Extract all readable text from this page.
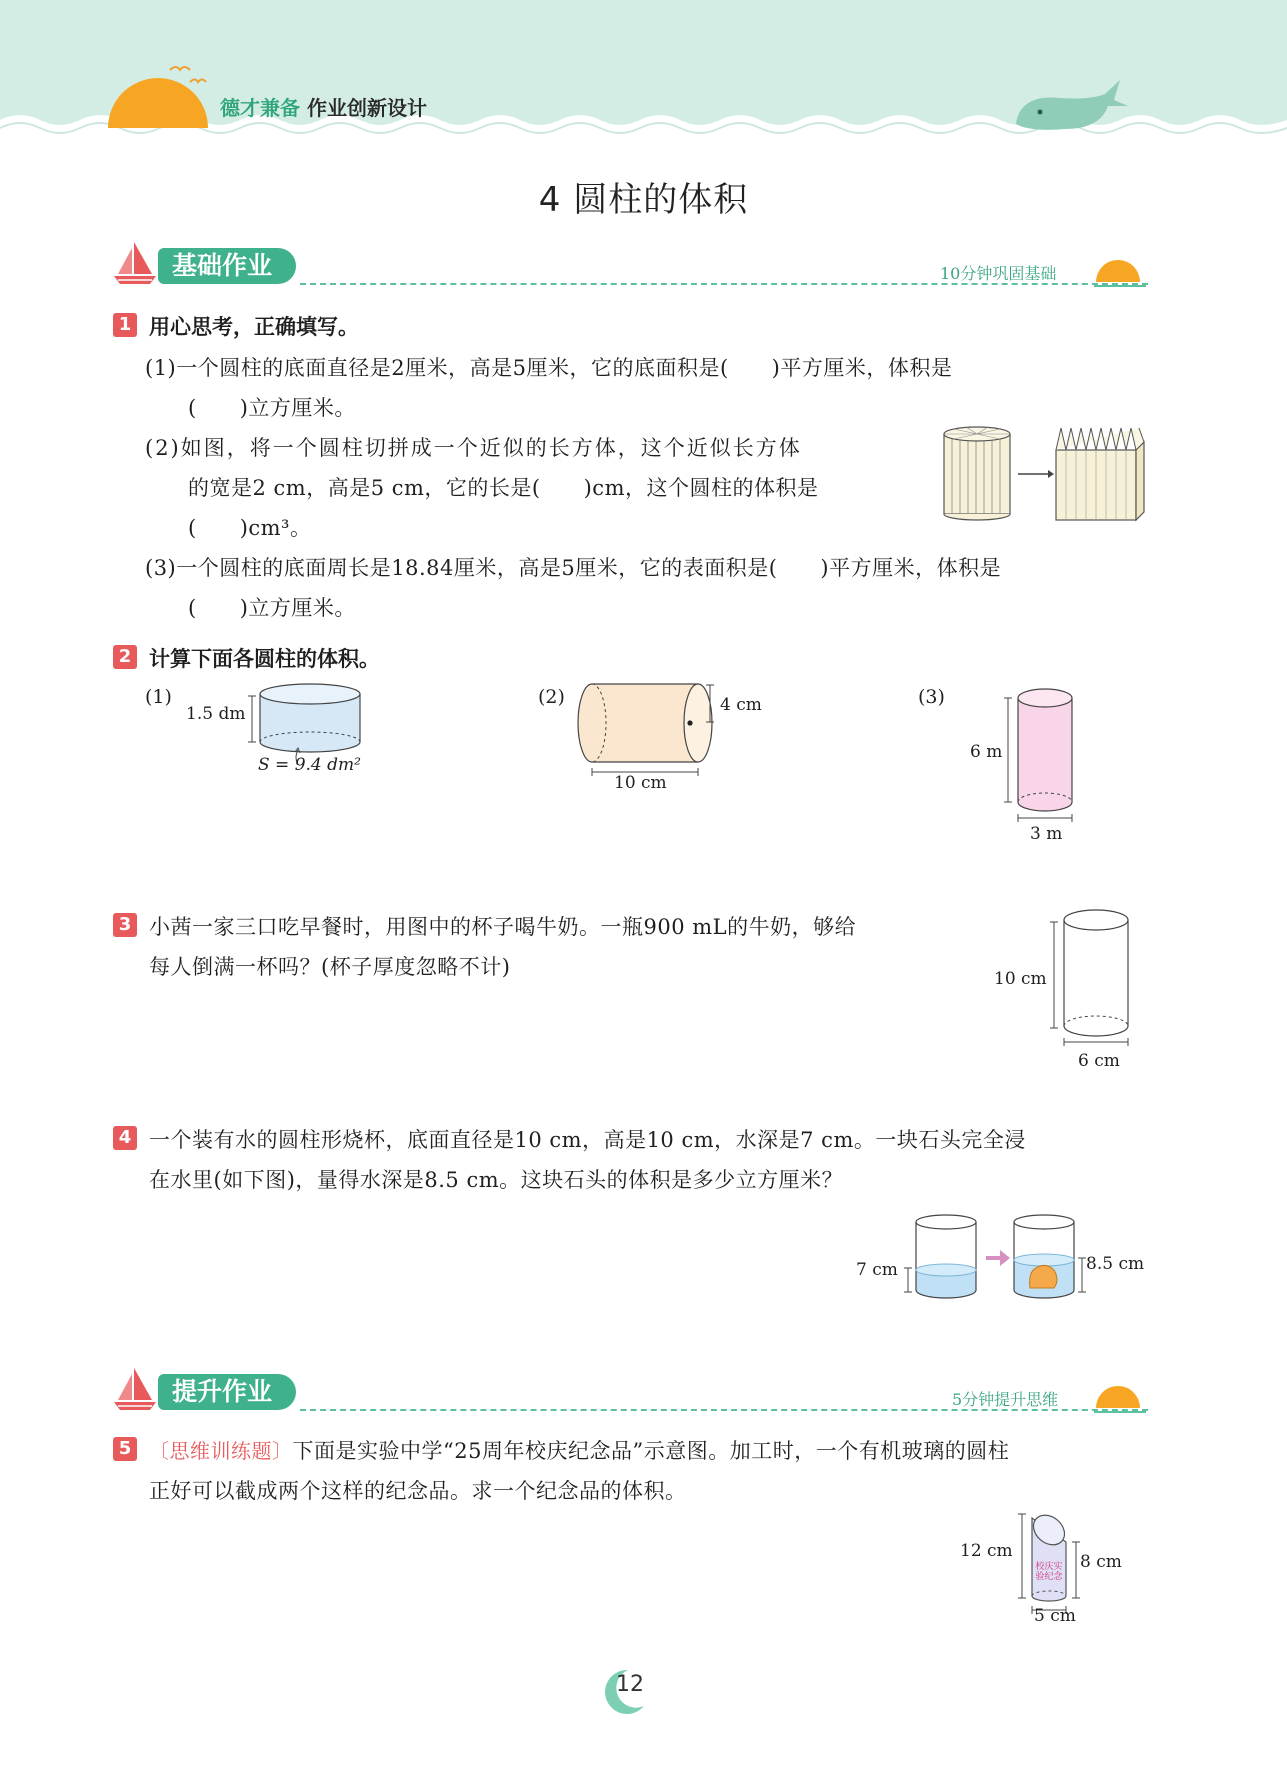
德才兼备 作业创新设计
4 圆柱的体积
基础作业	10分钟巩固基础
1 用心思考，正确填写。
(1)一个圆柱的底面直径是2厘米，高是5厘米，它的底面积是(　　)平方厘米，体积是
(　　)立方厘米。
(2)如图，将一个圆柱切拼成一个近似的长方体，这个近似长方体
的宽是2 cm，高是5 cm，它的长是(　　)cm，这个圆柱的体积是
(　　)cm³。
(3)一个圆柱的底面周长是18.84厘米，高是5厘米，它的表面积是(　　)平方厘米，体积是
(　　)立方厘米。
2 计算下面各圆柱的体积。
(1)
1.5 dm
S = 9.4 dm²
(2)	4 cm
10 cm
(3)
6 m
3 m
3 小茜一家三口吃早餐时，用图中的杯子喝牛奶。一瓶900 mL的牛奶，够给
每人倒满一杯吗？(杯子厚度忽略不计)	10 cm
6 cm
4 一个装有水的圆柱形烧杯，底面直径是10 cm，高是10 cm，水深是7 cm。一块石头完全浸
在水里(如下图)，量得水深是8.5 cm。这块石头的体积是多少立方厘米？
7 cm	8.5 cm
提升作业	5分钟提升思维
5 〔思维训练题〕下面是实验中学“25周年校庆纪念品”示意图。加工时，一个有机玻璃的圆柱
正好可以截成两个这样的纪念品。求一个纪念品的体积。
12 cm
校庆实验纪念
8 cm
5 cm
12
